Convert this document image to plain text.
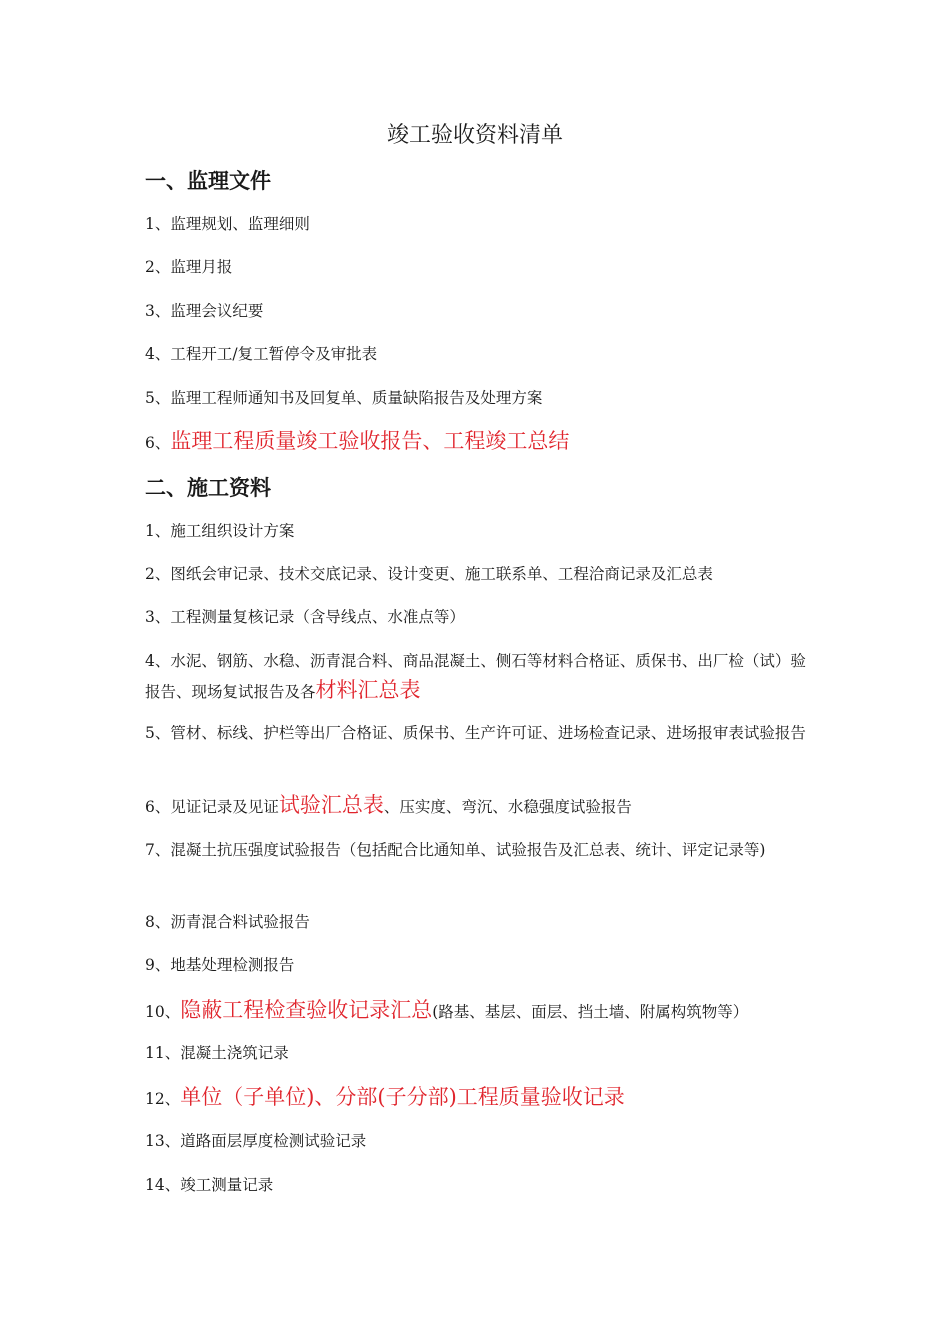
竣工验收资料清单
一、监理文件
1、监理规划、监理细则
2、监理月报
3、监理会议纪要
4、工程开工/复工暂停令及审批表
5、监理工程师通知书及回复单、质量缺陷报告及处理方案
6、监理工程质量竣工验收报告、工程竣工总结
二、施工资料
1、施工组织设计方案
2、图纸会审记录、技术交底记录、设计变更、施工联系单、工程洽商记录及汇总表
3、工程测量复核记录（含导线点、水准点等）
4、水泥、钢筋、水稳、沥青混合料、商品混凝土、侧石等材料合格证、质保书、出厂检（试）验报告、现场复试报告及各材料汇总表
5、管材、标线、护栏等出厂合格证、质保书、生产许可证、进场检查记录、进场报审表试验报告
6、见证记录及见证试验汇总表、压实度、弯沉、水稳强度试验报告
7、混凝土抗压强度试验报告（包括配合比通知单、试验报告及汇总表、统计、评定记录等)
8、沥青混合料试验报告
9、地基处理检测报告
10、隐蔽工程检查验收记录汇总(路基、基层、面层、挡土墙、附属构筑物等）
11、混凝土浇筑记录
12、单位（子单位)、分部(子分部)工程质量验收记录
13、道路面层厚度检测试验记录
14、竣工测量记录
